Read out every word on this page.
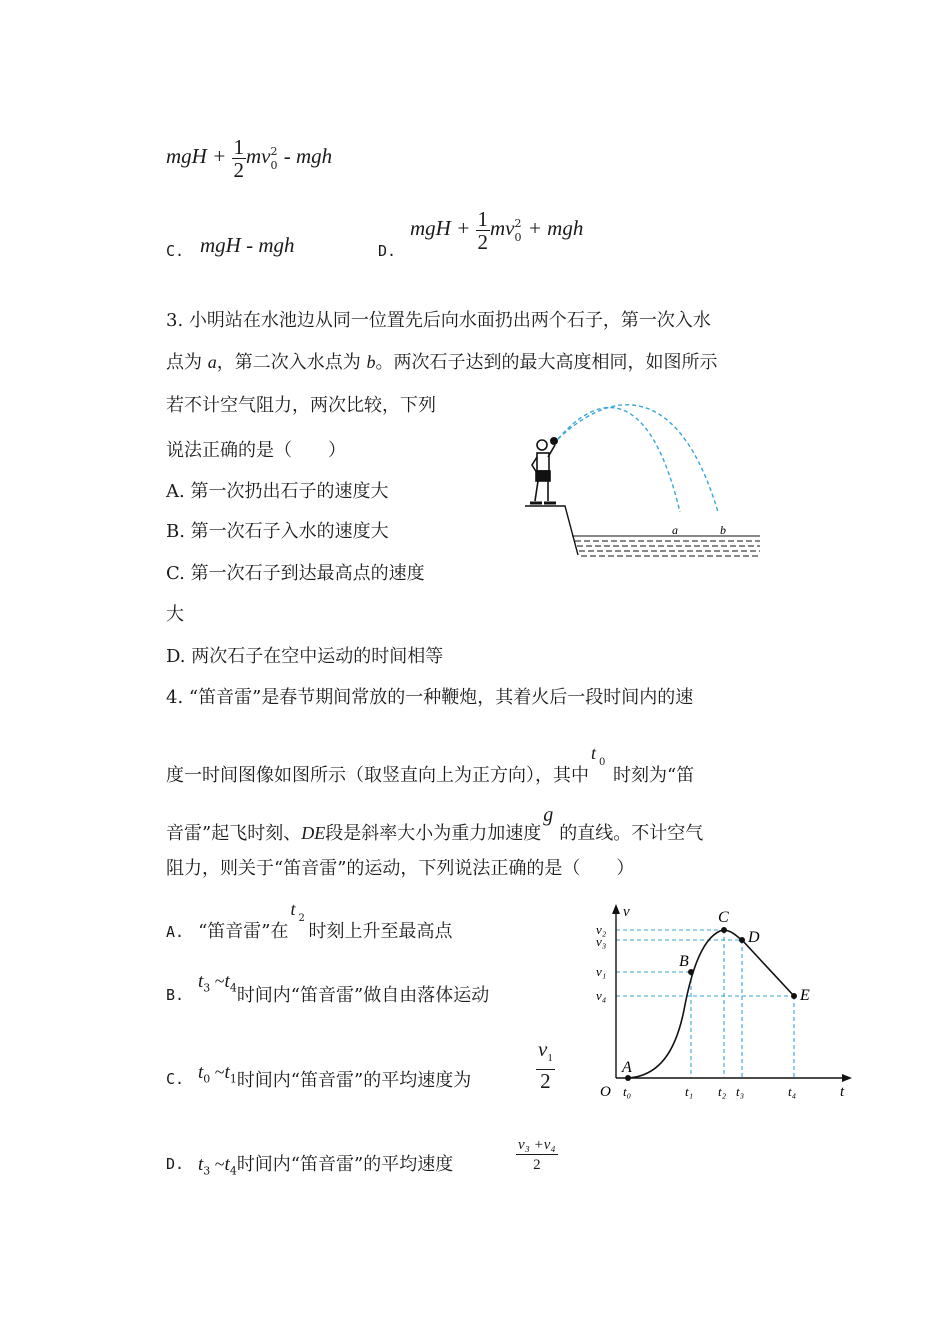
mgH + $\frac{1}{2}$ mv 2
0 - mgh
C. mgH - mgh	D.
mgH + $\frac{1}{2}$ mv 2
0 + mgh
3. 小明站在水池边从同一位置先后向水面扔出两个石子，第一次入水
点为 a，第二次入水点为 b。两次石子达到的最大高度相同，如图所示
若不计空气阻力，两次比较，下列
说法正确的是（　　）
A. 第一次扔出石子的速度大
B. 第一次石子入水的速度大
C. 第一次石子到达最高点的速度
大
D. 两次石子在空中运动的时间相等
a	b
4. “笛音雷”是春节期间常放的一种鞭炮，其着火后一段时间内的速
度一时间图像如图所示（取竖直向上为正方向），其中
t 0
时刻为“笛
音雷”起飞时刻、DE段是斜率大小为重力加速度
g
的直线。不计空气
阻力，则关于“笛音雷”的运动，下列说法正确的是（　　）
A. “笛音雷”在
t 2
时刻上升至最高点
B.
$t_3$ $\sim t_4$时间内“笛音雷”做自由落体运动
C. $t_0$ $\sim t_1$时间内“笛音雷”的平均速度为	$\frac{v_1}{2}$
D. $t_3$ $\sim t_4$时间内“笛音雷”的平均速度	$\frac{\text{v₃ +v₄}}{2}$
v
t
O
v₂
v₃
v₁
v₄
t₀	t₁ t₂ t₃	t₄
A
B
C
D
E
